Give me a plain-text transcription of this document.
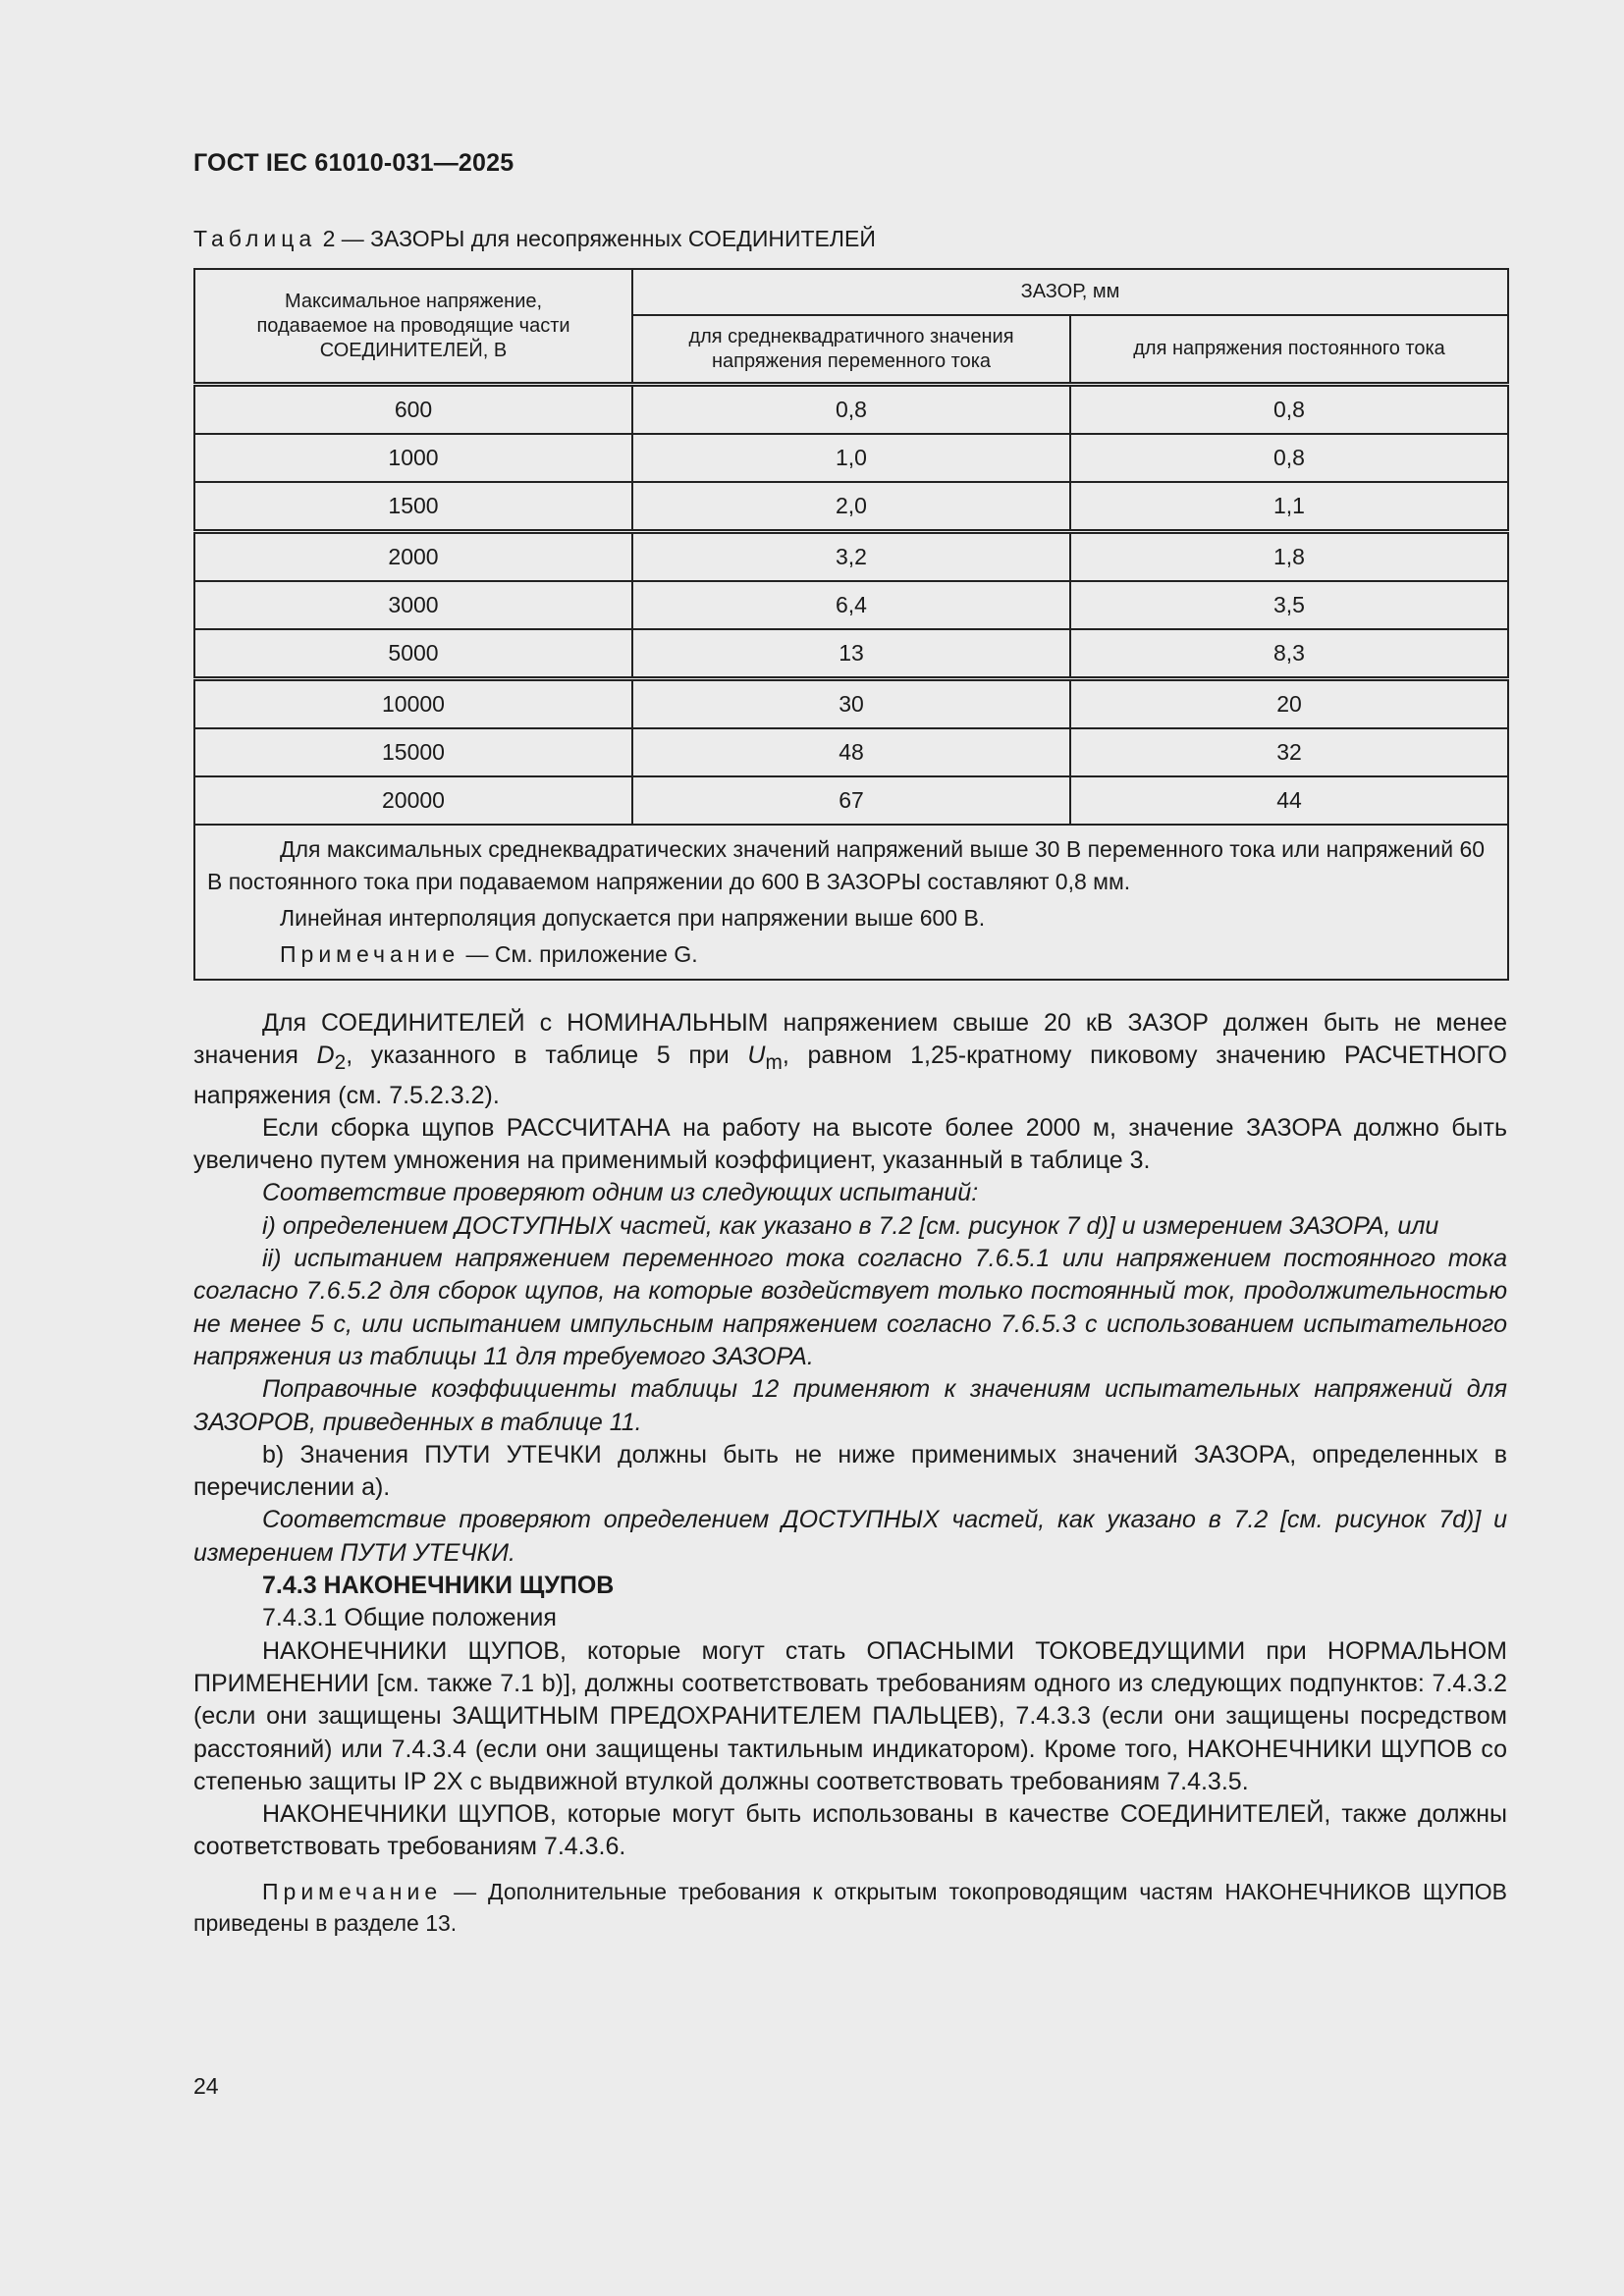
ГОСТ IEC 61010-031—2025
Таблица 2 — ЗАЗОРЫ для несопряженных СОЕДИНИТЕЛЕЙ
Максимальное напряжение, подаваемое на проводящие части СОЕДИНИТЕЛЕЙ, В	ЗАЗОР, мм	

	для среднеквадратичного значения напряжения переменного тока	для напряжения постоянного тока
600	0,8	0,8
1000	1,0	0,8
1500	2,0	1,1
2000	3,2	1,8
3000	6,4	3,5
5000	13	8,3
10000	30	20
15000	48	32
20000	67	44

Для максимальных среднеквадратических значений напряжений выше 30 В переменного тока или напряжений 60 В постоянного тока при подаваемом напряжении до 600 В ЗАЗОРЫ составляют 0,8 мм.

Линейная интерполяция допускается при напряжении выше 600 В.

Примечание — См. приложение G.		

Для СОЕДИНИТЕЛЕЙ с НОМИНАЛЬНЫМ напряжением свыше 20 кВ ЗАЗОР должен быть не менее значения $D_2$, указанного в таблице 5 при $U_m$, равном 1,25-кратному пиковому значению РАСЧЕТНОГО напряжения (см. 7.5.2.3.2).

Если сборка щупов РАССЧИТАНА на работу на высоте более 2000 м, значение ЗАЗОРА должно быть увеличено путем умножения на применимый коэффициент, указанный в таблице 3.

Соответствие проверяют одним из следующих испытаний:

i) определением ДОСТУПНЫХ частей, как указано в 7.2 [см. рисунок 7 d)] и измерением ЗАЗОРА, или

ii) испытанием напряжением переменного тока согласно 7.6.5.1 или напряжением постоянного тока согласно 7.6.5.2 для сборок щупов, на которые воздействует только постоянный ток, продолжительностью не менее 5 с, или испытанием импульсным напряжением согласно 7.6.5.3 с использованием испытательного напряжения из таблицы 11 для требуемого ЗАЗОРА.

Поправочные коэффициенты таблицы 12 применяют к значениям испытательных напряжений для ЗАЗОРОВ, приведенных в таблице 11.

b) Значения ПУТИ УТЕЧКИ должны быть не ниже применимых значений ЗАЗОРА, определенных в перечислении а).

Соответствие проверяют определением ДОСТУПНЫХ частей, как указано в 7.2 [см. рисунок 7d)] и измерением ПУТИ УТЕЧКИ.

7.4.3 НАКОНЕЧНИКИ ЩУПОВ

7.4.3.1 Общие положения

НАКОНЕЧНИКИ ЩУПОВ, которые могут стать ОПАСНЫМИ ТОКОВЕДУЩИМИ при НОРМАЛЬНОМ ПРИМЕНЕНИИ [см. также 7.1 b)], должны соответствовать требованиям одного из следующих подпунктов: 7.4.3.2 (если они защищены ЗАЩИТНЫМ ПРЕДОХРАНИТЕЛЕМ ПАЛЬЦЕВ), 7.4.3.3 (если они защищены посредством расстояний) или 7.4.3.4 (если они защищены тактильным индикатором). Кроме того, НАКОНЕЧНИКИ ЩУПОВ со степенью защиты IP 2X с выдвижной втулкой должны соответствовать требованиям 7.4.3.5.

НАКОНЕЧНИКИ ЩУПОВ, которые могут быть использованы в качестве СОЕДИНИТЕЛЕЙ, также должны соответствовать требованиям 7.4.3.6.

Примечание — Дополнительные требования к открытым токопроводящим частям НАКОНЕЧНИКОВ ЩУПОВ приведены в разделе 13.

24
